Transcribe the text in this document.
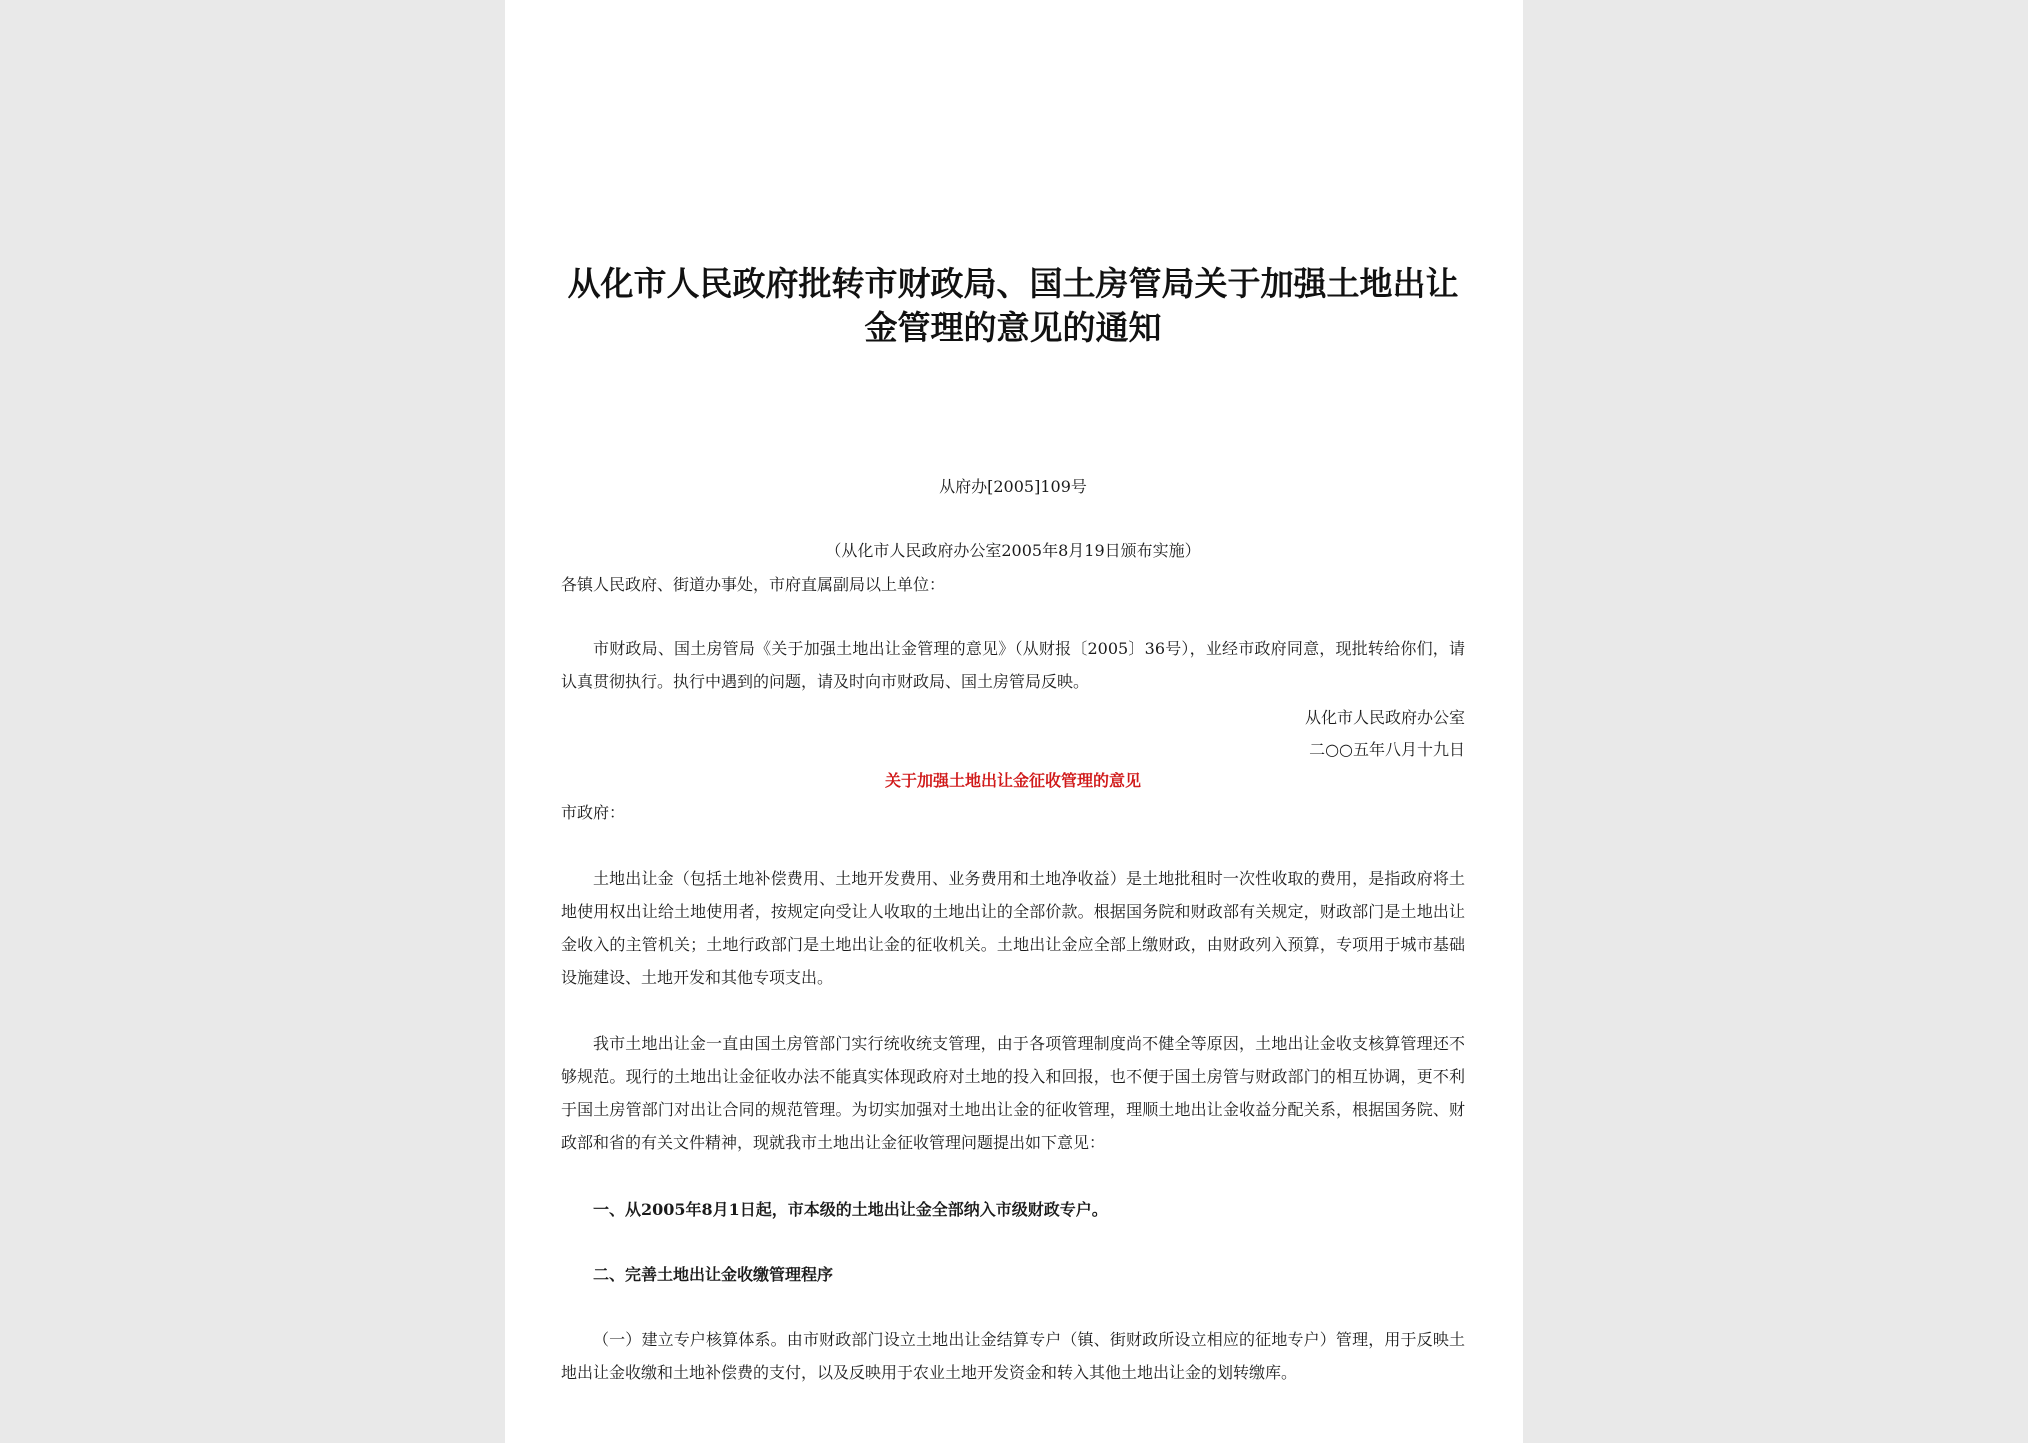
从化市人民政府批转市财政局、国土房管局关于加强土地出让金管理的意见的通知
从府办[2005]109号
（从化市人民政府办公室2005年8月19日颁布实施）
各镇人民政府、街道办事处，市府直属副局以上单位：
市财政局、国土房管局《关于加强土地出让金管理的意见》（从财报〔2005〕36号），业经市政府同意，现批转给你们，请认真贯彻执行。执行中遇到的问题，请及时向市财政局、国土房管局反映。
从化市人民政府办公室
二○○五年八月十九日
关于加强土地出让金征收管理的意见
市政府：
土地出让金（包括土地补偿费用、土地开发费用、业务费用和土地净收益）是土地批租时一次性收取的费用，是指政府将土地使用权出让给土地使用者，按规定向受让人收取的土地出让的全部价款。根据国务院和财政部有关规定，财政部门是土地出让金收入的主管机关；土地行政部门是土地出让金的征收机关。土地出让金应全部上缴财政，由财政列入预算，专项用于城市基础设施建设、土地开发和其他专项支出。
我市土地出让金一直由国土房管部门实行统收统支管理，由于各项管理制度尚不健全等原因，土地出让金收支核算管理还不够规范。现行的土地出让金征收办法不能真实体现政府对土地的投入和回报，也不便于国土房管与财政部门的相互协调，更不利于国土房管部门对出让合同的规范管理。为切实加强对土地出让金的征收管理，理顺土地出让金收益分配关系，根据国务院、财政部和省的有关文件精神，现就我市土地出让金征收管理问题提出如下意见：
一、从2005年8月1日起，市本级的土地出让金全部纳入市级财政专户。
二、完善土地出让金收缴管理程序
（一）建立专户核算体系。由市财政部门设立土地出让金结算专户（镇、街财政所设立相应的征地专户）管理，用于反映土地出让金收缴和土地补偿费的支付，以及反映用于农业土地开发资金和转入其他土地出让金的划转缴库。
